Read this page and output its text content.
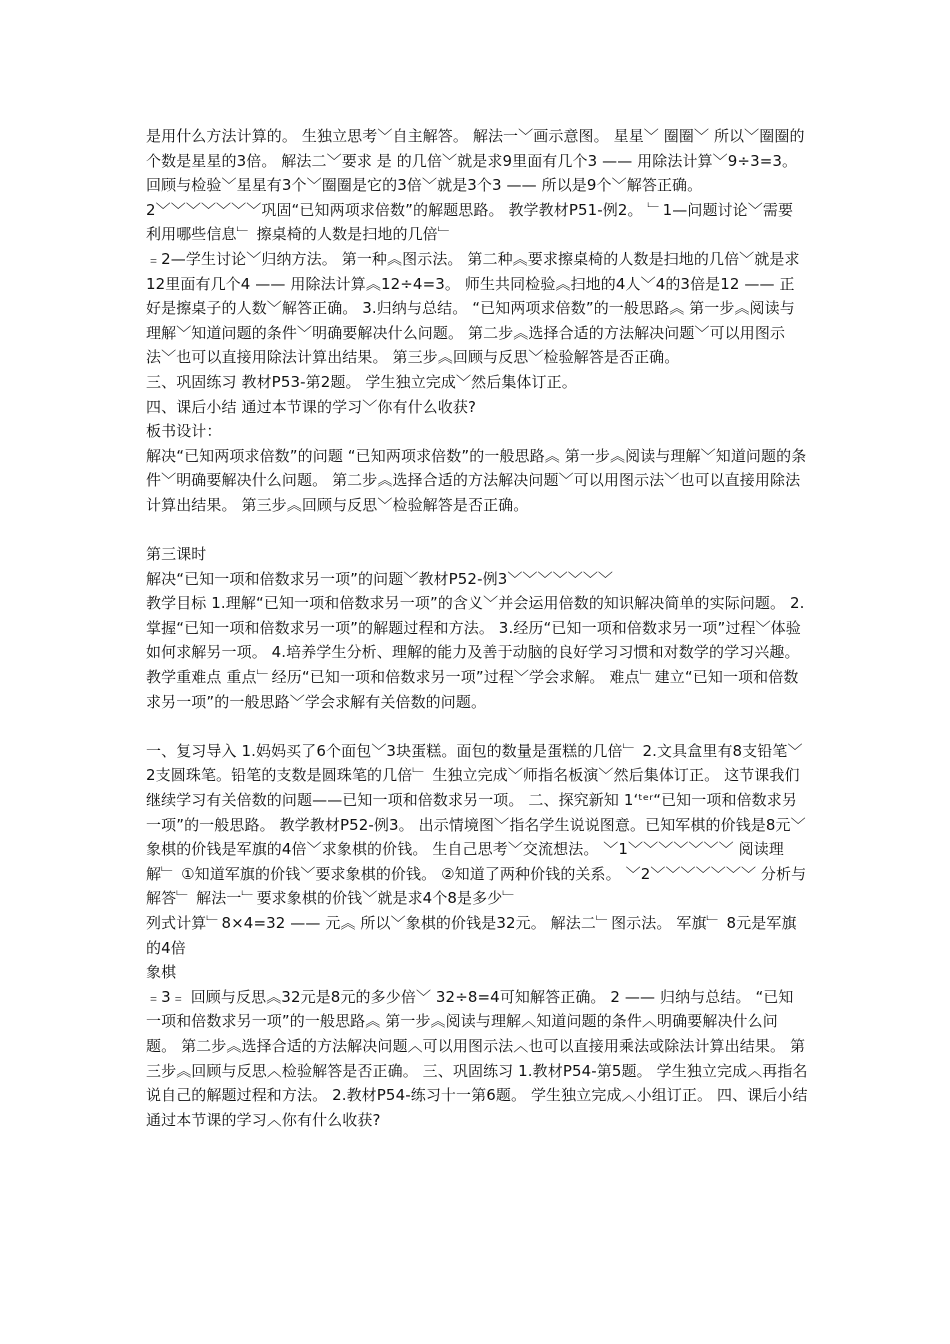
是用什么方法计算的。 生独立思考﹀自主解答。 解法一﹀画示意图。 星星﹀ 圈圈﹀ 所以﹀圈圈的个数是星星的3倍。 解法二﹀要求 是 的几倍﹀就是求9里面有几个3 —— 用除法计算﹀9÷3=3。 回顾与检验﹀星星有3个﹀圈圈是它的3倍﹀就是3个3 —— 所以是9个﹀解答正确。 2﹀﹀﹀﹀﹀﹀﹀巩固“已知两项求倍数”的解题思路。 教学教材P51-例2。 ﹂1—问题讨论﹀需要利用哪些信息﹂ 擦桌椅的人数是扫地的几倍﹂

﹦2—学生讨论﹀归纳方法。 第一种︽图示法。 第二种︽要求擦桌椅的人数是扫地的几倍﹀就是求12里面有几个4 —— 用除法计算︽12÷4=3。 师生共同检验︽扫地的4人﹀4的3倍是12 —— 正好是擦桌子的人数﹀解答正确。 3.归纳与总结。 “已知两项求倍数”的一般思路︽ 第一步︽阅读与理解﹀知道问题的条件﹀明确要解决什么问题。 第二步︽选择合适的方法解决问题﹀可以用图示法﹀也可以直接用除法计算出结果。 第三步︽回顾与反思﹀检验解答是否正确。

三、巩固练习 教材P53-第2题。 学生独立完成﹀然后集体订正。

四、课后小结 通过本节课的学习﹀你有什么收获?

板书设计：

解决“已知两项求倍数”的问题 “已知两项求倍数”的一般思路︽ 第一步︽阅读与理解﹀知道问题的条件﹀明确要解决什么问题。 第二步︽选择合适的方法解决问题﹀可以用图示法﹀也可以直接用除法计算出结果。 第三步︽回顾与反思﹀检验解答是否正确。

第三课时

解决“已知一项和倍数求另一项”的问题﹀教材P52-例3﹀﹀﹀﹀﹀﹀﹀

教学目标 1.理解“已知一项和倍数求另一项”的含义﹀并会运用倍数的知识解决简单的实际问题。 2.掌握“已知一项和倍数求另一项”的解题过程和方法。 3.经历“已知一项和倍数求另一项”过程﹀体验如何求解另一项。 4.培养学生分析、理解的能力及善于动脑的良好学习习惯和对数学的学习兴趣。

教学重难点 重点﹂经历“已知一项和倍数求另一项”过程﹀学会求解。 难点﹂建立“已知一项和倍数求另一项”的一般思路﹀学会求解有关倍数的问题。

一、复习导入 1.妈妈买了6个面包﹀3块蛋糕。面包的数量是蛋糕的几倍﹂ 2.文具盒里有8支铅笔﹀2支圆珠笔。铅笔的支数是圆珠笔的几倍﹂ 生独立完成﹀师指名板演﹀然后集体订正。 这节课我们继续学习有关倍数的问题——已知一项和倍数求另一项。 二、探究新知 1ʻᵗᵉʳ“已知一项和倍数求另一项”的一般思路。 教学教材P52-例3。 出示情境图﹀指名学生说说图意。已知军棋的价钱是8元﹀象棋的价钱是军旗的4倍﹀求象棋的价钱。 生自己思考﹀交流想法。 ﹀1﹀﹀﹀﹀﹀﹀﹀ 阅读理解﹂ ①知道军旗的价钱﹀要求象棋的价钱。 ②知道了两种价钱的关系。 ﹀2﹀﹀﹀﹀﹀﹀﹀ 分析与解答﹂ 解法一﹂要求象棋的价钱﹀就是求4个8是多少﹂

列式计算﹂8×4=32 —— 元︽ 所以﹀象棋的价钱是32元。 解法二﹂图示法。 军旗﹂ 8元是军旗的4倍

象棋

﹦3﹦ 回顾与反思︽32元是8元的多少倍﹀ 32÷8=4可知解答正确。 2 —— 归纳与总结。 “已知一项和倍数求另一项”的一般思路︽ 第一步︽阅读与理解︿知道问题的条件︿明确要解决什么问题。 第二步︽选择合适的方法解决问题︿可以用图示法︿也可以直接用乘法或除法计算出结果。 第三步︽回顾与反思︿检验解答是否正确。 三、巩固练习 1.教材P54-第5题。 学生独立完成︿再指名说自己的解题过程和方法。 2.教材P54-练习十一第6题。 学生独立完成︿小组订正。 四、课后小结 通过本节课的学习︿你有什么收获?
